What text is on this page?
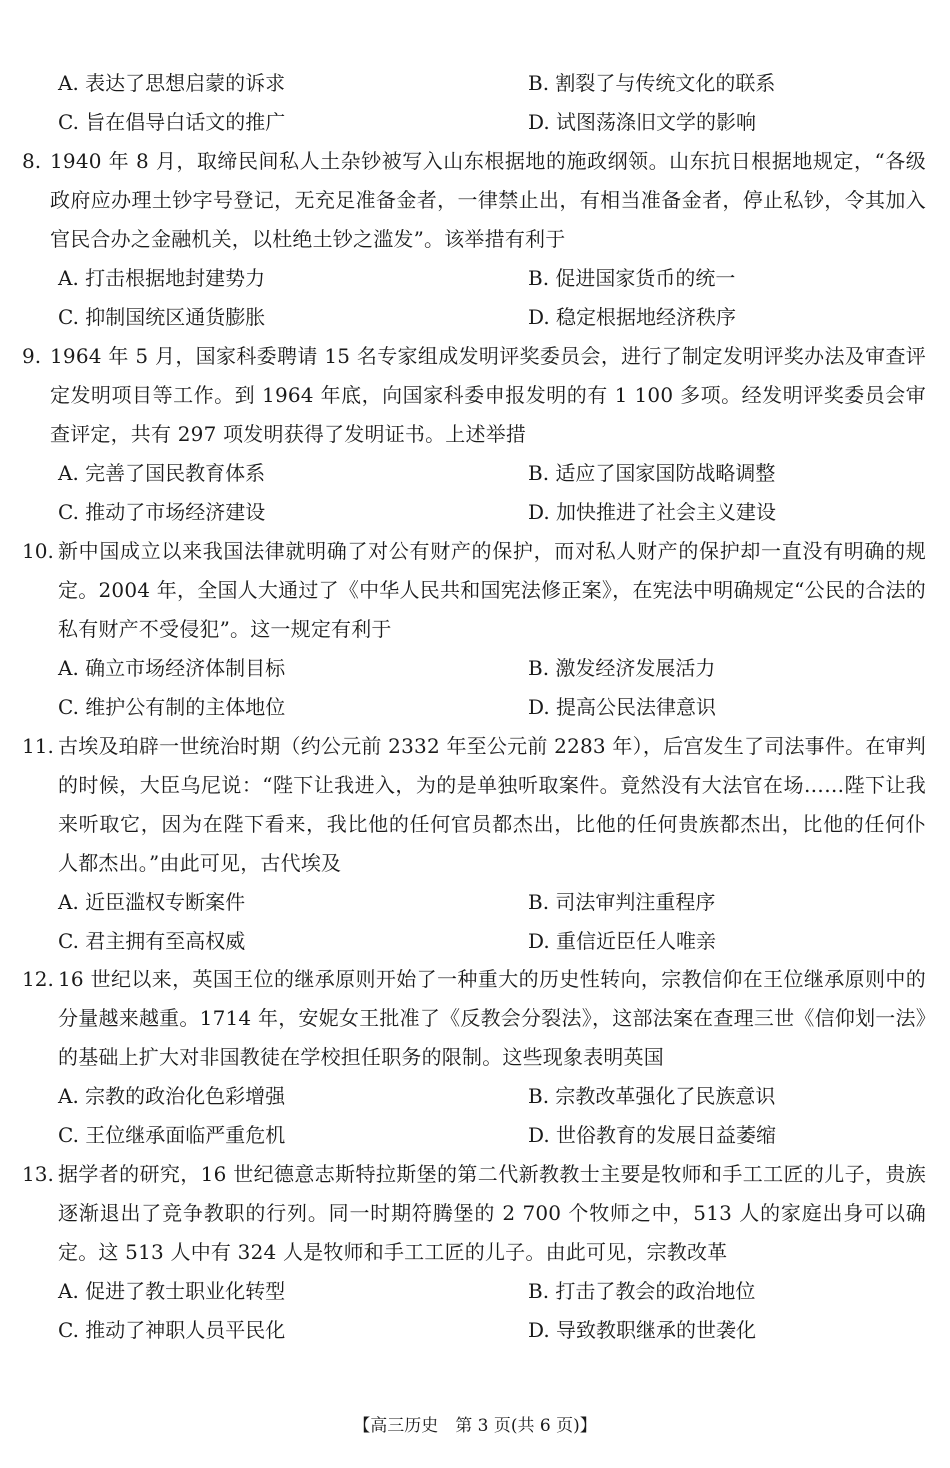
A. 表达了思想启蒙的诉求	B. 割裂了与传统文化的联系
C. 旨在倡导白话文的推广	D. 试图荡涤旧文学的影响
8. 1940 年 8 月，取缔民间私人土杂钞被写入山东根据地的施政纲领。山东抗日根据地规定，“各级政府应办理土钞字号登记，无充足准备金者，一律禁止出，有相当准备金者，停止私钞，令其加入官民合办之金融机关，以杜绝土钞之滥发”。该举措有利于
A. 打击根据地封建势力	B. 促进国家货币的统一
C. 抑制国统区通货膨胀	D. 稳定根据地经济秩序
9. 1964 年 5 月，国家科委聘请 15 名专家组成发明评奖委员会，进行了制定发明评奖办法及审查评定发明项目等工作。到 1964 年底，向国家科委申报发明的有 1 100 多项。经发明评奖委员会审查评定，共有 297 项发明获得了发明证书。上述举措
A. 完善了国民教育体系	B. 适应了国家国防战略调整
C. 推动了市场经济建设	D. 加快推进了社会主义建设
10. 新中国成立以来我国法律就明确了对公有财产的保护，而对私人财产的保护却一直没有明确的规定。2004 年，全国人大通过了《中华人民共和国宪法修正案》，在宪法中明确规定“公民的合法的私有财产不受侵犯”。这一规定有利于
A. 确立市场经济体制目标	B. 激发经济发展活力
C. 维护公有制的主体地位	D. 提高公民法律意识
11. 古埃及珀辟一世统治时期（约公元前 2332 年至公元前 2283 年），后宫发生了司法事件。在审判的时候，大臣乌尼说：“陛下让我进入，为的是单独听取案件。竟然没有大法官在场……陛下让我来听取它，因为在陛下看来，我比他的任何官员都杰出，比他的任何贵族都杰出，比他的任何仆人都杰出。”由此可见，古代埃及
A. 近臣滥权专断案件	B. 司法审判注重程序
C. 君主拥有至高权威	D. 重信近臣任人唯亲
12. 16 世纪以来，英国王位的继承原则开始了一种重大的历史性转向，宗教信仰在王位继承原则中的分量越来越重。1714 年，安妮女王批准了《反教会分裂法》，这部法案在查理三世《信仰划一法》的基础上扩大对非国教徒在学校担任职务的限制。这些现象表明英国
A. 宗教的政治化色彩增强	B. 宗教改革强化了民族意识
C. 王位继承面临严重危机	D. 世俗教育的发展日益萎缩
13. 据学者的研究，16 世纪德意志斯特拉斯堡的第二代新教教士主要是牧师和手工工匠的儿子，贵族逐渐退出了竞争教职的行列。同一时期符腾堡的 2 700 个牧师之中，513 人的家庭出身可以确定。这 513 人中有 324 人是牧师和手工工匠的儿子。由此可见，宗教改革
A. 促进了教士职业化转型	B. 打击了教会的政治地位
C. 推动了神职人员平民化	D. 导致教职继承的世袭化
【高三历史　第 3 页(共 6 页)】
